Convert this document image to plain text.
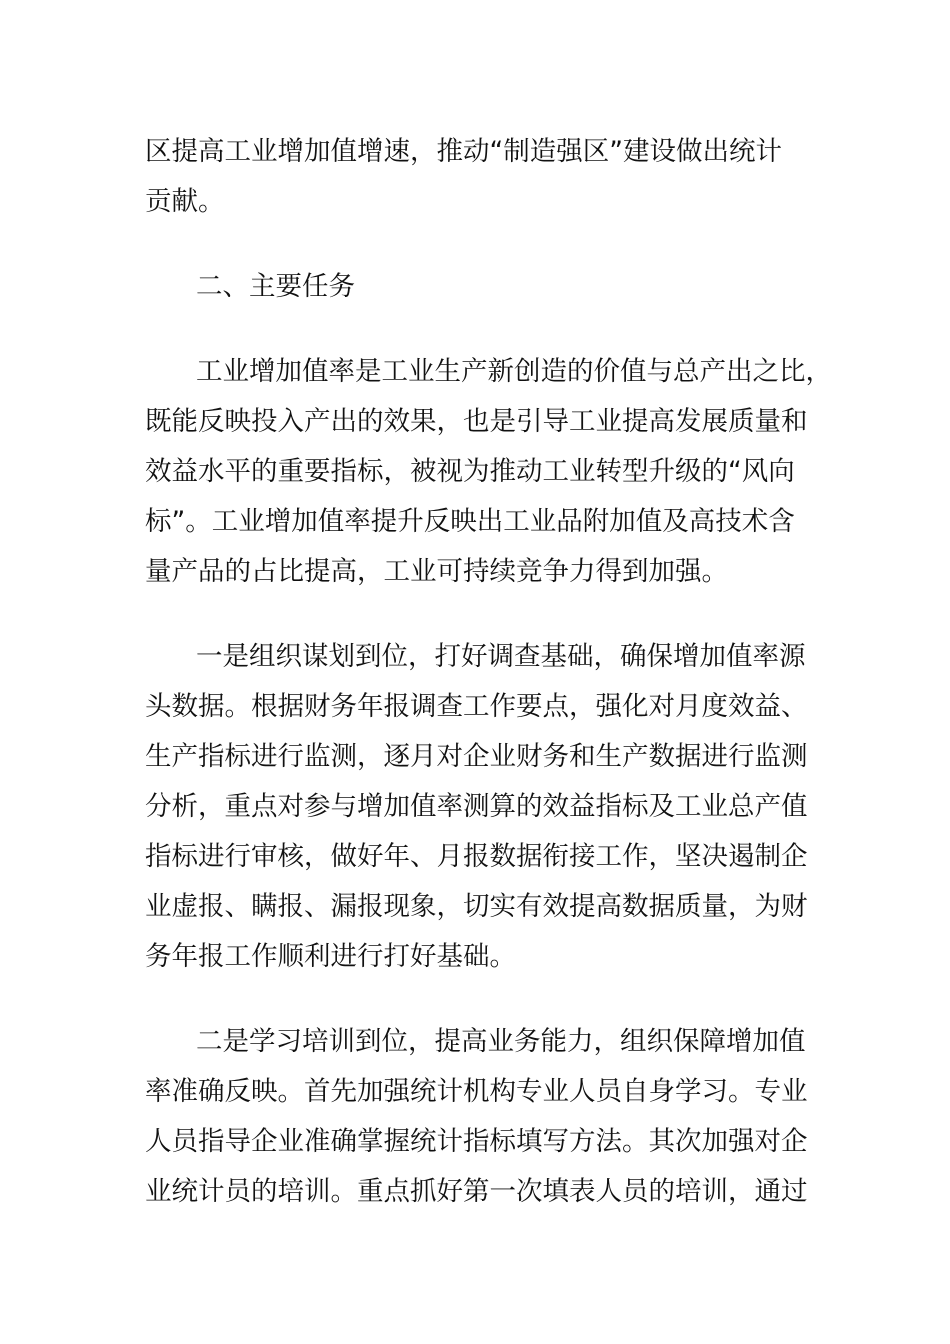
区提高工业增加值增速，推动“制造强区”建设做出统计
贡献。
二、主要任务
工业增加值率是工业生产新创造的价值与总产出之比，
既能反映投入产出的效果，也是引导工业提高发展质量和
效益水平的重要指标，被视为推动工业转型升级的“风向
标”。工业增加值率提升反映出工业品附加值及高技术含
量产品的占比提高，工业可持续竞争力得到加强。
一是组织谋划到位，打好调查基础，确保增加值率源
头数据。根据财务年报调查工作要点，强化对月度效益、
生产指标进行监测，逐月对企业财务和生产数据进行监测
分析，重点对参与增加值率测算的效益指标及工业总产值
指标进行审核，做好年、月报数据衔接工作，坚决遏制企
业虚报、瞒报、漏报现象，切实有效提高数据质量，为财
务年报工作顺利进行打好基础。
二是学习培训到位，提高业务能力，组织保障增加值
率准确反映。首先加强统计机构专业人员自身学习。专业
人员指导企业准确掌握统计指标填写方法。其次加强对企
业统计员的培训。重点抓好第一次填表人员的培训，通过
